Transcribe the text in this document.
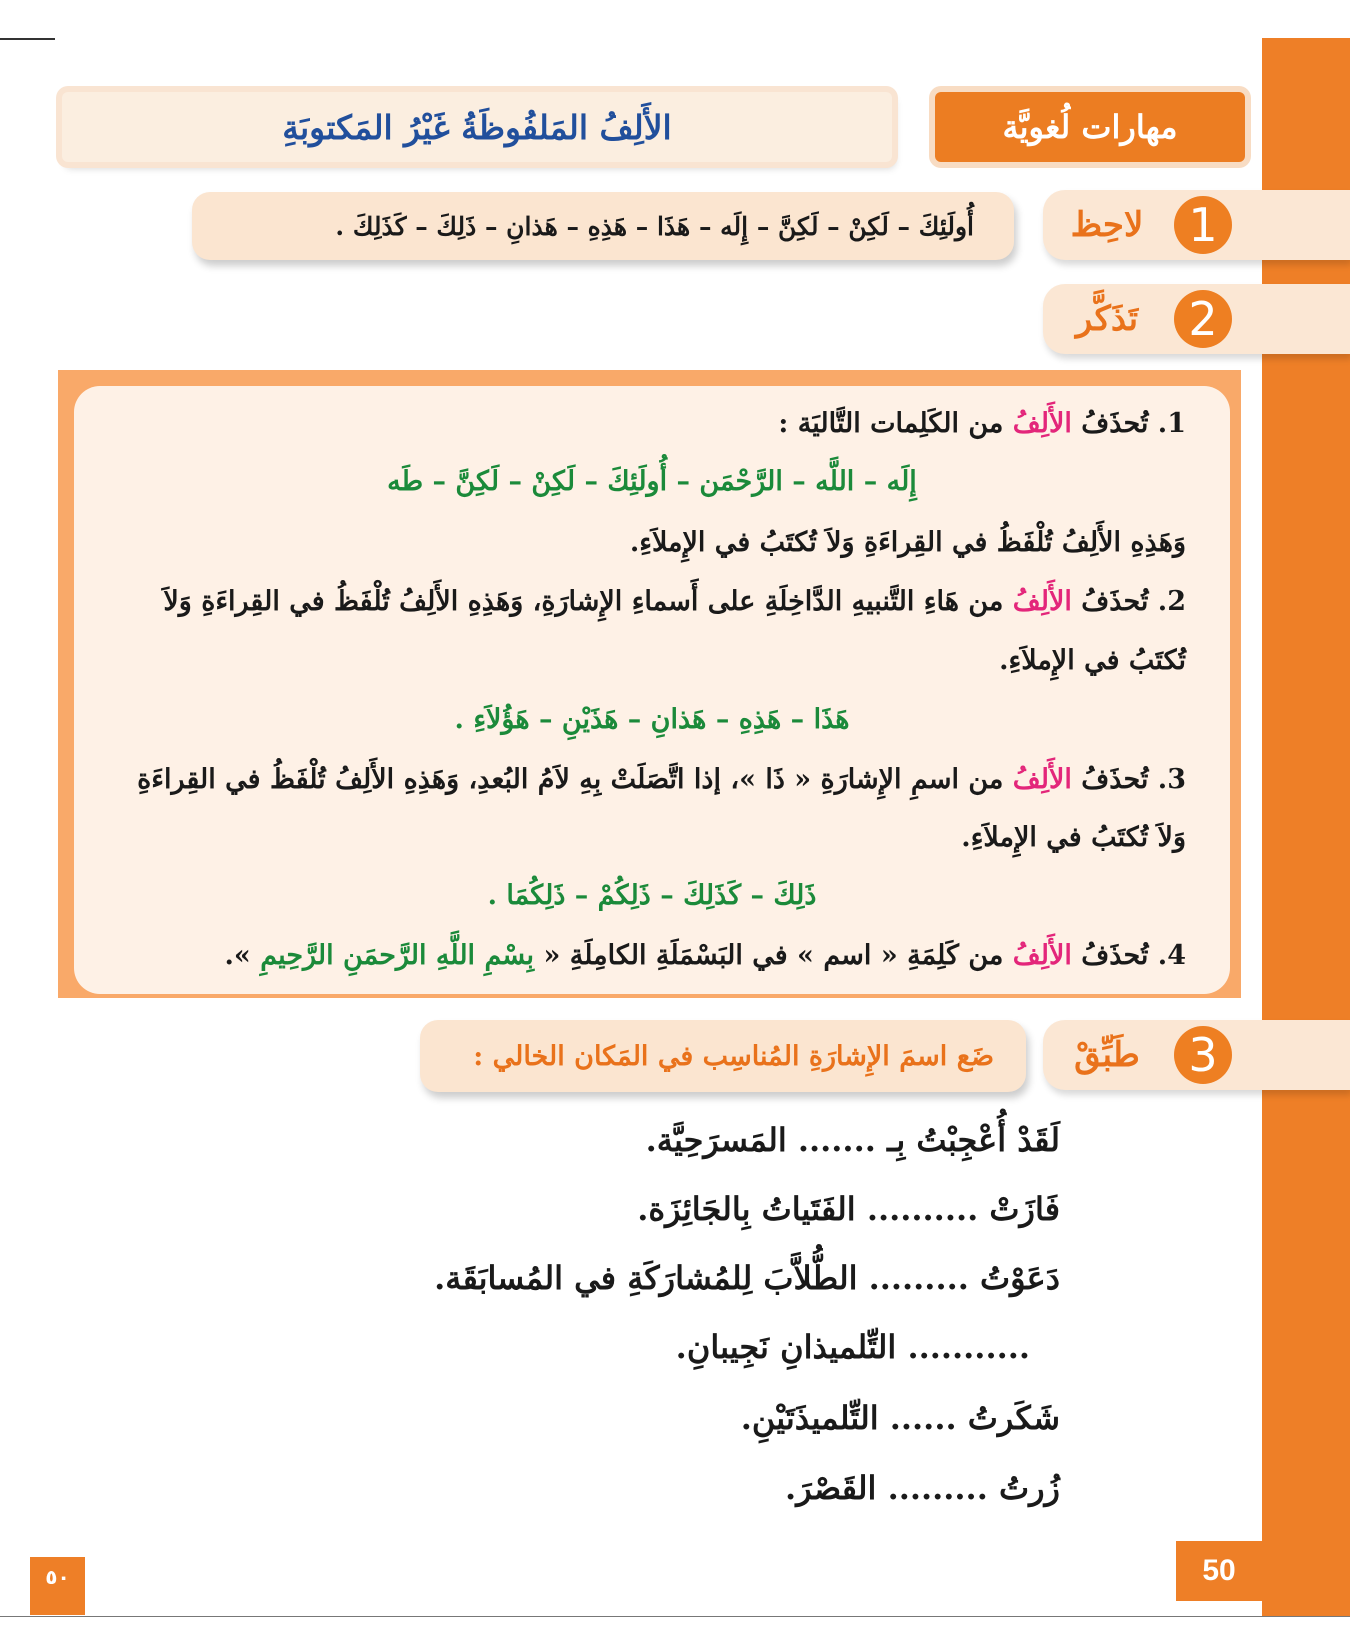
مهارات لُغويَّة
الأَلِفُ المَلفُوظَةُ غَيْرُ المَكتوبَةِ
1
لاحِظ
أُولَئِكَ – لَكِنْ – لَكِنَّ – إِلَه – هَذَا – هَذِهِ – هَذانِ – ذَلِكَ – كَذَلِكَ .
2
تَذَكَّر
1. تُحذَفُ الأَلِفُ من الكَلِمات التَّاليَة :
إِلَه – اللَّه – الرَّحْمَن – أُولَئِكَ – لَكِنْ – لَكِنَّ – طَه
وَهَذِهِ الأَلِفُ تُلْفَظُ في القِراءَةِ وَلاَ تُكتَبُ في الإِملاَءِ.
2. تُحذَفُ الأَلِفُ من هَاءِ التَّنبيهِ الدَّاخِلَةِ على أَسماءِ الإِشارَةِ، وَهَذِهِ الأَلِفُ تُلْفَظُ في القِراءَةِ وَلاَ
تُكتَبُ في الإِملاَءِ.
هَذَا – هَذِهِ – هَذانِ – هَذَيْنِ – هَؤُلاَءِ .
3. تُحذَفُ الأَلِفُ من اسمِ الإِشارَةِ « ذَا »، إذا اتَّصَلَتْ بِهِ لاَمُ البُعدِ، وَهَذِهِ الأَلِفُ تُلْفَظُ في القِراءَةِ
وَلاَ تُكتَبُ في الإِملاَءِ.
ذَلِكَ – كَذَلِكَ – ذَلِكُمْ – ذَلِكُمَا .
4. تُحذَفُ الأَلِفُ من كَلِمَةِ « اسم » في البَسْمَلَةِ الكامِلَةِ « بِسْمِ اللَّهِ الرَّحمَنِ الرَّحِيمِ ».
3
طَبِّقْ
ضَع اسمَ الإِشارَةِ المُناسِب في المَكان الخالي :
لَقَدْ أُعْجِبْتُ بِـ ....... المَسرَحِيَّة.
فَازَتْ .......... الفَتَياتُ بِالجَائِزَة.
دَعَوْتُ ......... الطُّلاَّبَ لِلمُشارَكَةِ في المُسابَقَة.
........... التِّلميذانِ نَجِيبانِ.
شَكَرتُ ...... التِّلميذَتَيْنِ.
زُرتُ ......... القَصْرَ.
٥٠	50
